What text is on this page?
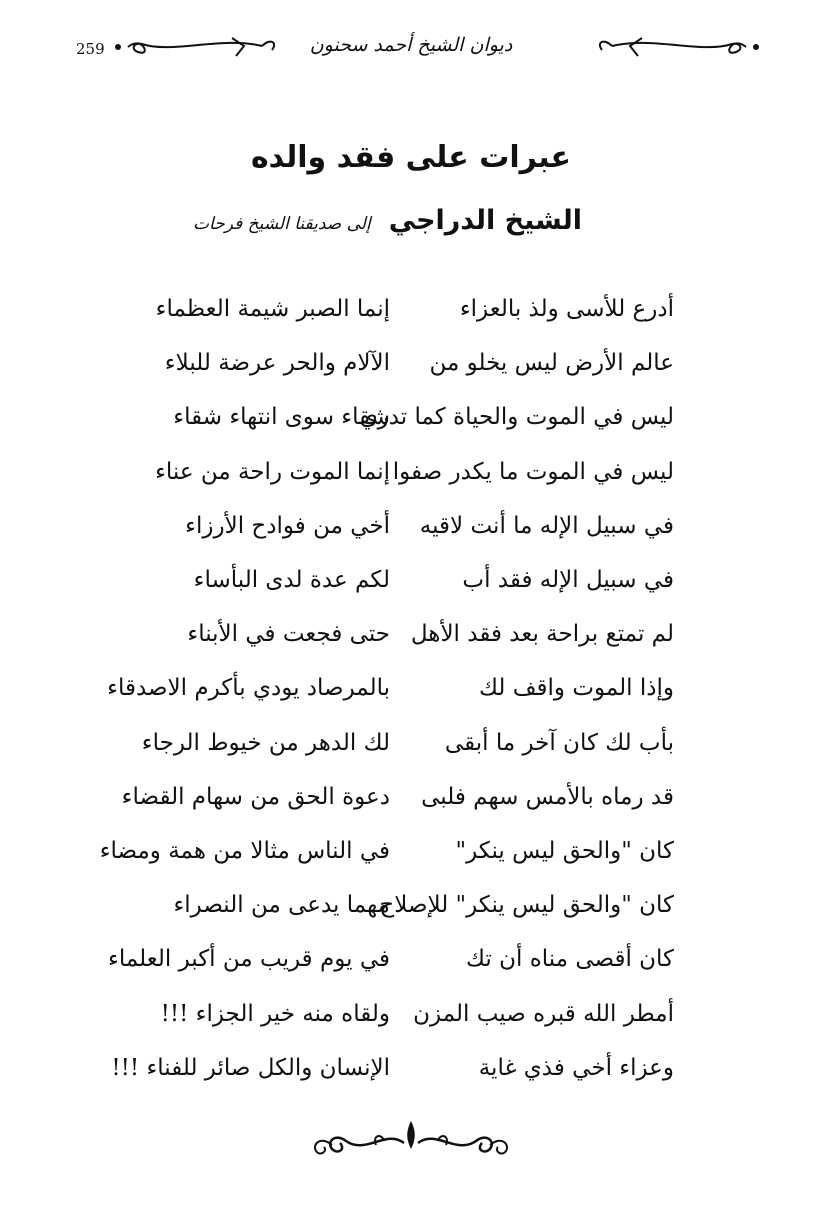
259	ديوان الشيخ أحمد سحنون
عبرات على فقد والده
الشيخ الدراجي
إلى صديقنا الشيخ فرحات
أدرع للأسى ولذ بالعزاء
إنما الصبر شيمة العظماء
عالم الأرض ليس يخلو من
الآلام والحر عرضة للبلاء
ليس في الموت والحياة كما تدري
شقاء سوى انتهاء شقاء
ليس في الموت ما يكدر صفوا
إنما الموت راحة من عناء
في سبيل الإله ما أنت لاقيه
أخي من فوادح الأرزاء
في سبيل الإله فقد أب
لكم عدة لدى البأساء
لم تمتع براحة بعد فقد الأهل
حتى فجعت في الأبناء
وإذا الموت واقف لك
بالمرصاد يودي بأكرم الاصدقاء
بأب لك كان آخر ما أبقى
لك الدهر من خيوط الرجاء
قد رماه بالأمس سهم فلبى
دعوة الحق من سهام القضاء
كان "والحق ليس ينكر"
في الناس مثالا من همة ومضاء
كان "والحق ليس ينكر" للإصلاح
مهما يدعى من النصراء
كان أقصى مناه أن تك
في يوم قريب من أكبر العلماء
أمطر الله قبره صيب المزن
ولقاه منه خير الجزاء !!!
وعزاء أخي فذي غاية
الإنسان والكل صائر للفناء !!!
